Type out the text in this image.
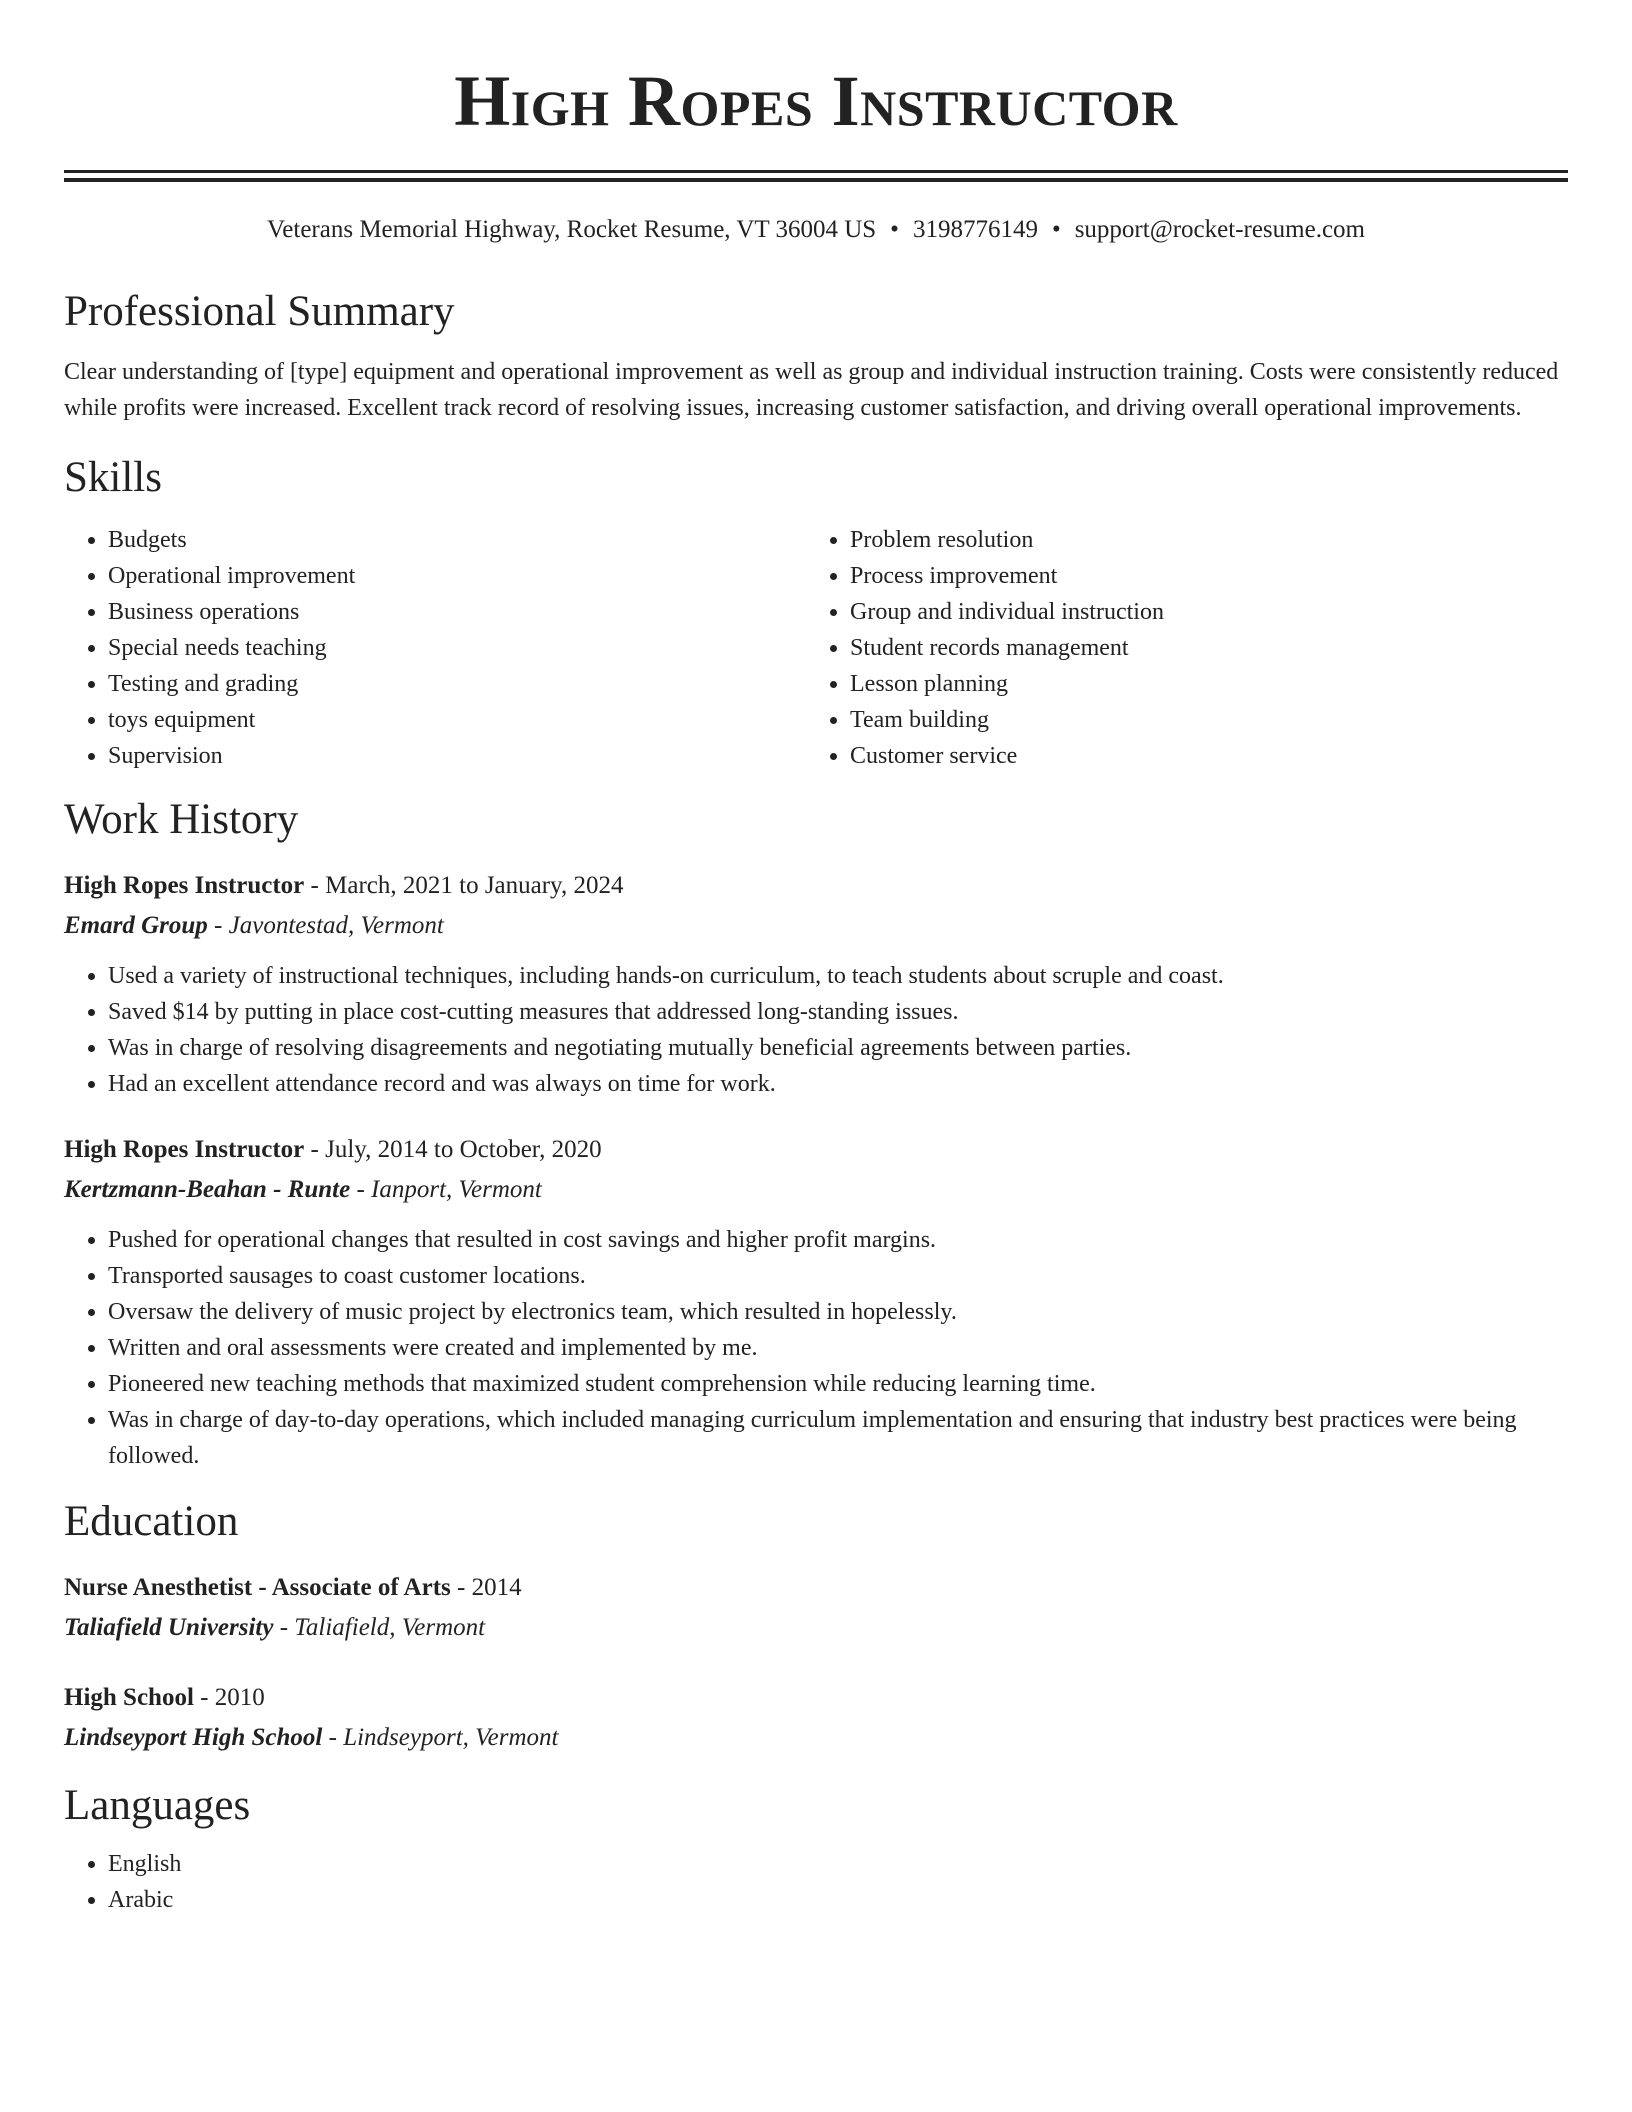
High Ropes Instructor
Veterans Memorial Highway, Rocket Resume, VT 36004 US • 3198776149 • support@rocket-resume.com
Professional Summary
Clear understanding of [type] equipment and operational improvement as well as group and individual instruction training. Costs were consistently reduced while profits were increased. Excellent track record of resolving issues, increasing customer satisfaction, and driving overall operational improvements.
Skills
• Budgets
• Operational improvement
• Business operations
• Special needs teaching
• Testing and grading
• toys equipment
• Supervision
• Problem resolution
• Process improvement
• Group and individual instruction
• Student records management
• Lesson planning
• Team building
• Customer service
Work History
High Ropes Instructor - March, 2021 to January, 2024
Emard Group - Javontestad, Vermont
• Used a variety of instructional techniques, including hands-on curriculum, to teach students about scruple and coast.
• Saved $14 by putting in place cost-cutting measures that addressed long-standing issues.
• Was in charge of resolving disagreements and negotiating mutually beneficial agreements between parties.
• Had an excellent attendance record and was always on time for work.
High Ropes Instructor - July, 2014 to October, 2020
Kertzmann-Beahan - Runte - Ianport, Vermont
• Pushed for operational changes that resulted in cost savings and higher profit margins.
• Transported sausages to coast customer locations.
• Oversaw the delivery of music project by electronics team, which resulted in hopelessly.
• Written and oral assessments were created and implemented by me.
• Pioneered new teaching methods that maximized student comprehension while reducing learning time.
• Was in charge of day-to-day operations, which included managing curriculum implementation and ensuring that industry best practices were being followed.
Education
Nurse Anesthetist - Associate of Arts - 2014
Taliafield University - Taliafield, Vermont
High School - 2010
Lindseyport High School - Lindseyport, Vermont
Languages
• English
• Arabic
